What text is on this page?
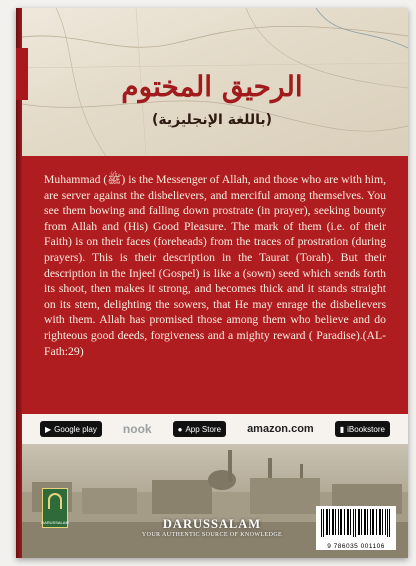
الرحيق المختوم
(باللغة الإنجليزية)

Muhammad (ﷺ) is the Messenger of Allah, and those who are with him, are server against the disbelievers, and merciful among themselves. You see them bowing and falling down prostrate (in prayer), seeking bounty from Allah and (His) Good Pleasure. The mark of them (i.e. of their Faith) is on their faces (foreheads) from the traces of prostration (during prayers). This is their description in the Taurat (Torah). But their description in the Injeel (Gospel) is like a (sown) seed which sends forth its shoot, then makes it strong, and becomes thick and it stands straight on its stem, delighting the sowers, that He may enrage the disbelievers with them. Allah has promised those among them who believe and do righteous good deeds, forgiveness and a mighty reward ( Paradise).(AL-Fath:29)

▶ Google play	nook	● App Store	amazon.com	▮ iBookstore
DARUSSALAM	DARUSSALAM
YOUR AUTHENTIC SOURCE OF KNOWLEDGE
9 786035 001106
